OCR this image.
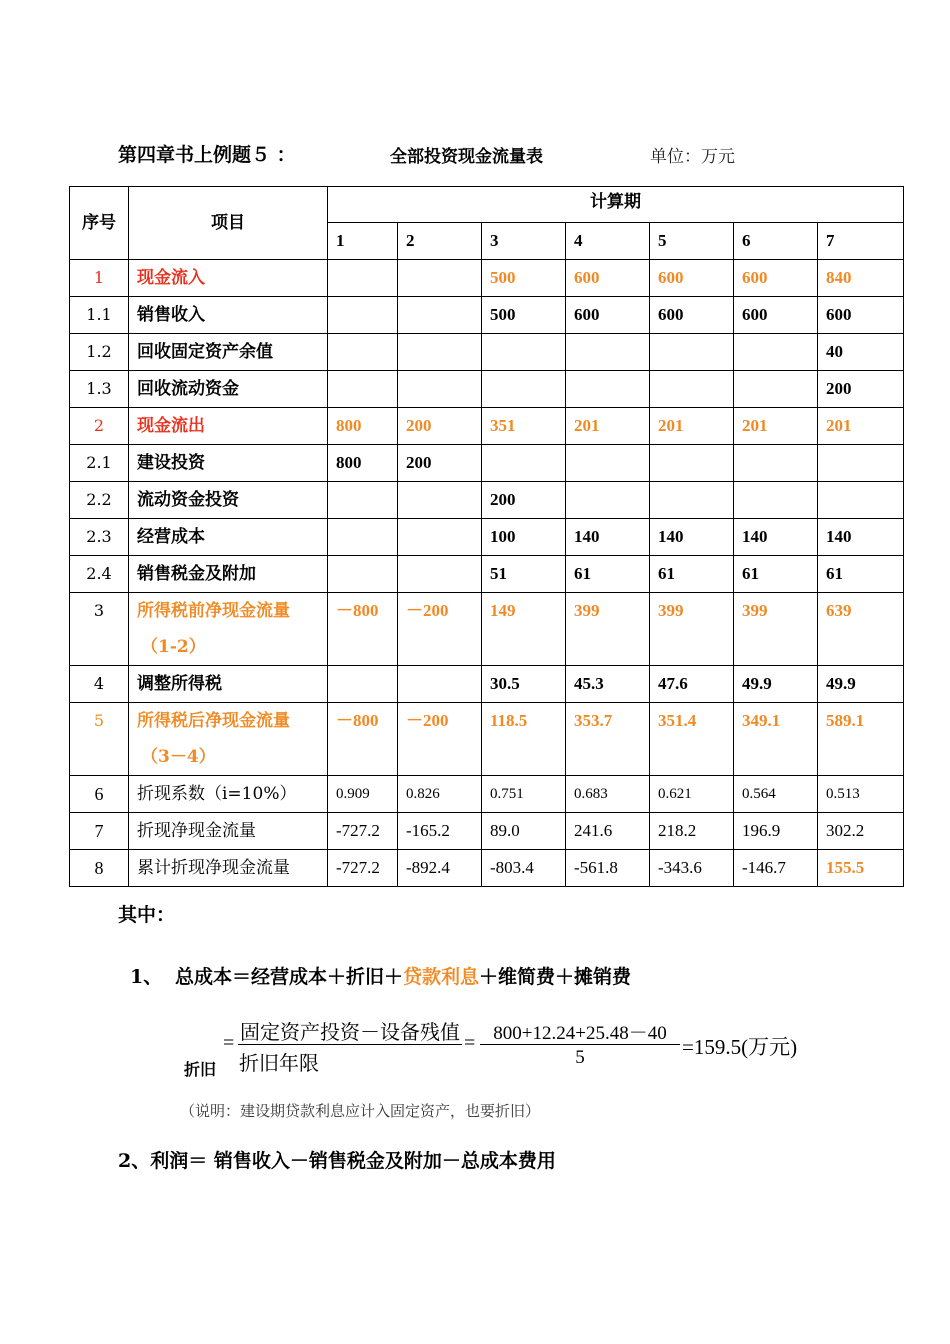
第四章书上例题５ ：	全部投资现金流量表	单位：万元
序号	项目	计算期						
		1	2	3	4	5	6	7
1	现金流入			500	600	600	600	840
1.1	销售收入			500	600	600	600	600
1.2	回收固定资产余值							40
1.3	回收流动资金							200
2	现金流出	800	200	351	201	201	201	201
2.1	建设投资	800	200					
2.2	流动资金投资			200				
2.3	经营成本			100	140	140	140	140
2.4	销售税金及附加			51	61	61	61	61
3	所得税前净现金流量
（1-2）	－800	－200	149	399	399	399	639
4	调整所得税			30.5	45.3	47.6	49.9	49.9
5	所得税后净现金流量
（3－4）	－800	－200	118.5	353.7	351.4	349.1	589.1
6	折现系数（i=10%）	0.909	0.826	0.751	0.683	0.621	0.564	0.513
7	折现净现金流量	-727.2	-165.2	89.0	241.6	218.2	196.9	302.2
8	累计折现净现金流量	-727.2	-892.4	-803.4	-561.8	-343.6	-146.7	155.5
其中：
1、 总成本＝经营成本＋折旧＋贷款利息＋维简费＋摊销费
折旧
= 固定资产投资－设备残值
折旧年限
= 800+12.24+25.48－40
5	=159.5(万元)
（说明：建设期贷款利息应计入固定资产，也要折旧）
2、利润＝ 销售收入－销售税金及附加－总成本费用
